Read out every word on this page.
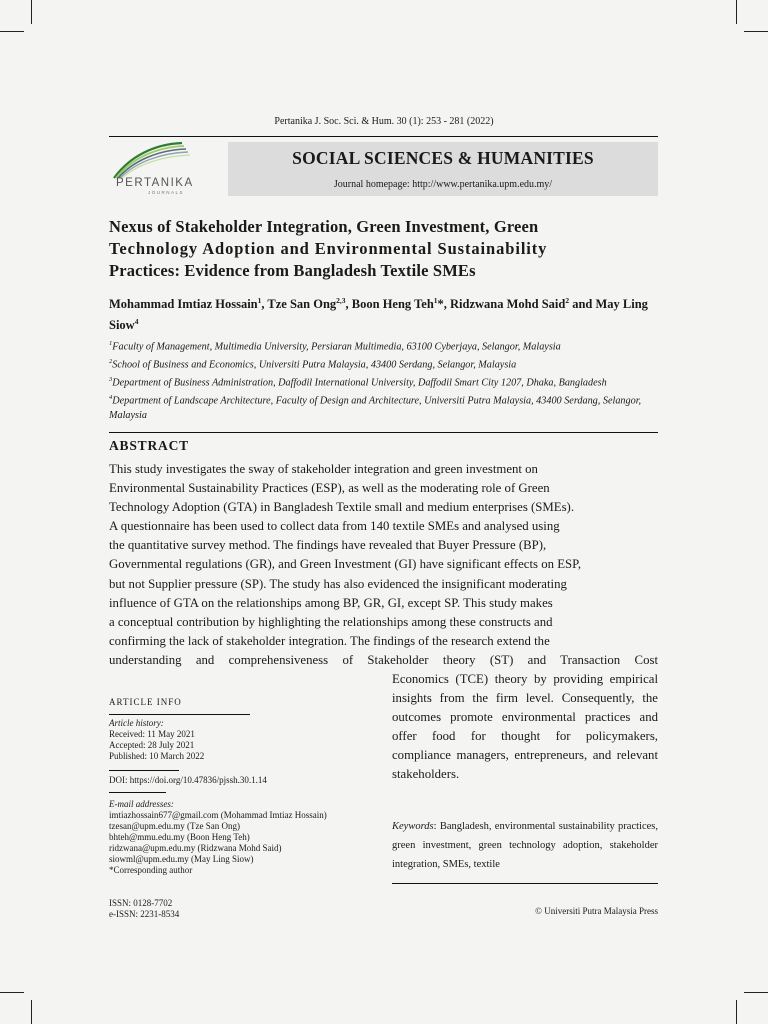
Pertanika J. Soc. Sci. & Hum. 30 (1): 253 - 281 (2022)
PERTANIKA
JOURNALS
SOCIAL SCIENCES & HUMANITIES
Journal homepage: http://www.pertanika.upm.edu.my/
Nexus of Stakeholder Integration, Green Investment, Green
Technology Adoption and Environmental Sustainability
Practices: Evidence from Bangladesh Textile SMEs

Mohammad Imtiaz Hossain$^1$, Tze San Ong$^{2,3}$, Boon Heng Teh$^1$*, Ridzwana Mohd Said$^2$ and May Ling Siow$^4$

$^1$Faculty of Management, Multimedia University, Persiaran Multimedia, 63100 Cyberjaya, Selangor, Malaysia
$^2$School of Business and Economics, Universiti Putra Malaysia, 43400 Serdang, Selangor, Malaysia
$^3$Department of Business Administration, Daffodil International University, Daffodil Smart City 1207, Dhaka, Bangladesh
$^4$Department of Landscape Architecture, Faculty of Design and Architecture, Universiti Putra Malaysia, 43400 Serdang, Selangor, Malaysia
ABSTRACT
This study investigates the sway of stakeholder integration and green investment on
Environmental Sustainability Practices (ESP), as well as the moderating role of Green
Technology Adoption (GTA) in Bangladesh Textile small and medium enterprises (SMEs).
A questionnaire has been used to collect data from 140 textile SMEs and analysed using
the quantitative survey method. The findings have revealed that Buyer Pressure (BP),
Governmental regulations (GR), and Green Investment (GI) have significant effects on ESP,
but not Supplier pressure (SP). The study has also evidenced the insignificant moderating
influence of GTA on the relationships among BP, GR, GI, except SP. This study makes
a conceptual contribution by highlighting the relationships among these constructs and
confirming the lack of stakeholder integration. The findings of the research extend the
understanding and comprehensiveness of Stakeholder theory (ST) and Transaction Cost
Economics (TCE) theory by providing empirical insights from the firm level. Consequently, the outcomes promote environmental practices and offer food for thought for policymakers, compliance managers, entrepreneurs, and relevant stakeholders.
Keywords: Bangladesh, environmental sustainability practices, green investment, green technology adoption, stakeholder integration, SMEs, textile
ARTICLE INFO
Article history:
Received: 11 May 2021
Accepted: 28 July 2021
Published: 10 March 2022
DOI: https://doi.org/10.47836/pjssh.30.1.14
E-mail addresses:
imtiazhossain677@gmail.com (Mohammad Imtiaz Hossain)
tzesan@upm.edu.my (Tze San Ong)
bhteh@mmu.edu.my (Boon Heng Teh)
ridzwana@upm.edu.my (Ridzwana Mohd Said)
siowml@upm.edu.my (May Ling Siow)
*Corresponding author
ISSN: 0128-7702
e-ISSN: 2231-8534	© Universiti Putra Malaysia Press
